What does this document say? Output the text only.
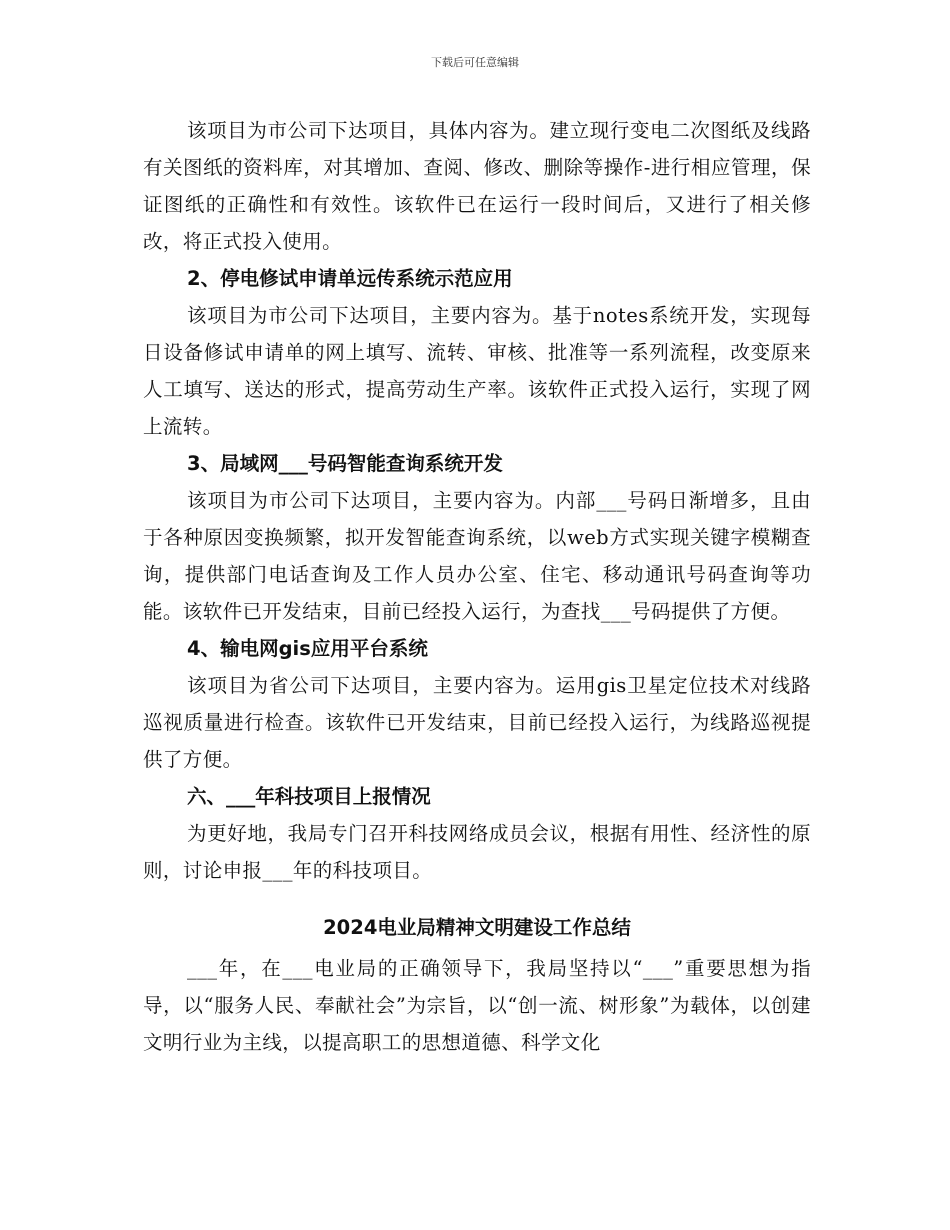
下载后可任意编辑

该项目为市公司下达项目，具体内容为。建立现行变电二次图纸及线路有关图纸的资料库，对其增加、查阅、修改、删除等操作-进行相应管理，保证图纸的正确性和有效性。该软件已在运行一段时间后，又进行了相关修改，将正式投入使用。

2、停电修试申请单远传系统示范应用

该项目为市公司下达项目，主要内容为。基于notes系统开发，实现每日设备修试申请单的网上填写、流转、审核、批准等一系列流程，改变原来人工填写、送达的形式，提高劳动生产率。该软件正式投入运行，实现了网上流转。

3、局域网___号码智能查询系统开发

该项目为市公司下达项目，主要内容为。内部___号码日渐增多，且由于各种原因变换频繁，拟开发智能查询系统，以web方式实现关键字模糊查询，提供部门电话查询及工作人员办公室、住宅、移动通讯号码查询等功能。该软件已开发结束，目前已经投入运行，为查找___号码提供了方便。

4、输电网gis应用平台系统

该项目为省公司下达项目，主要内容为。运用gis卫星定位技术对线路巡视质量进行检查。该软件已开发结束，目前已经投入运行，为线路巡视提供了方便。

六、___年科技项目上报情况

为更好地，我局专门召开科技网络成员会议，根据有用性、经济性的原则，讨论申报___年的科技项目。

2024电业局精神文明建设工作总结

___年，在___电业局的正确领导下，我局坚持以“___”重要思想为指导，以“服务人民、奉献社会”为宗旨，以“创一流、树形象”为载体，以创建文明行业为主线，以提高职工的思想道德、科学文化
